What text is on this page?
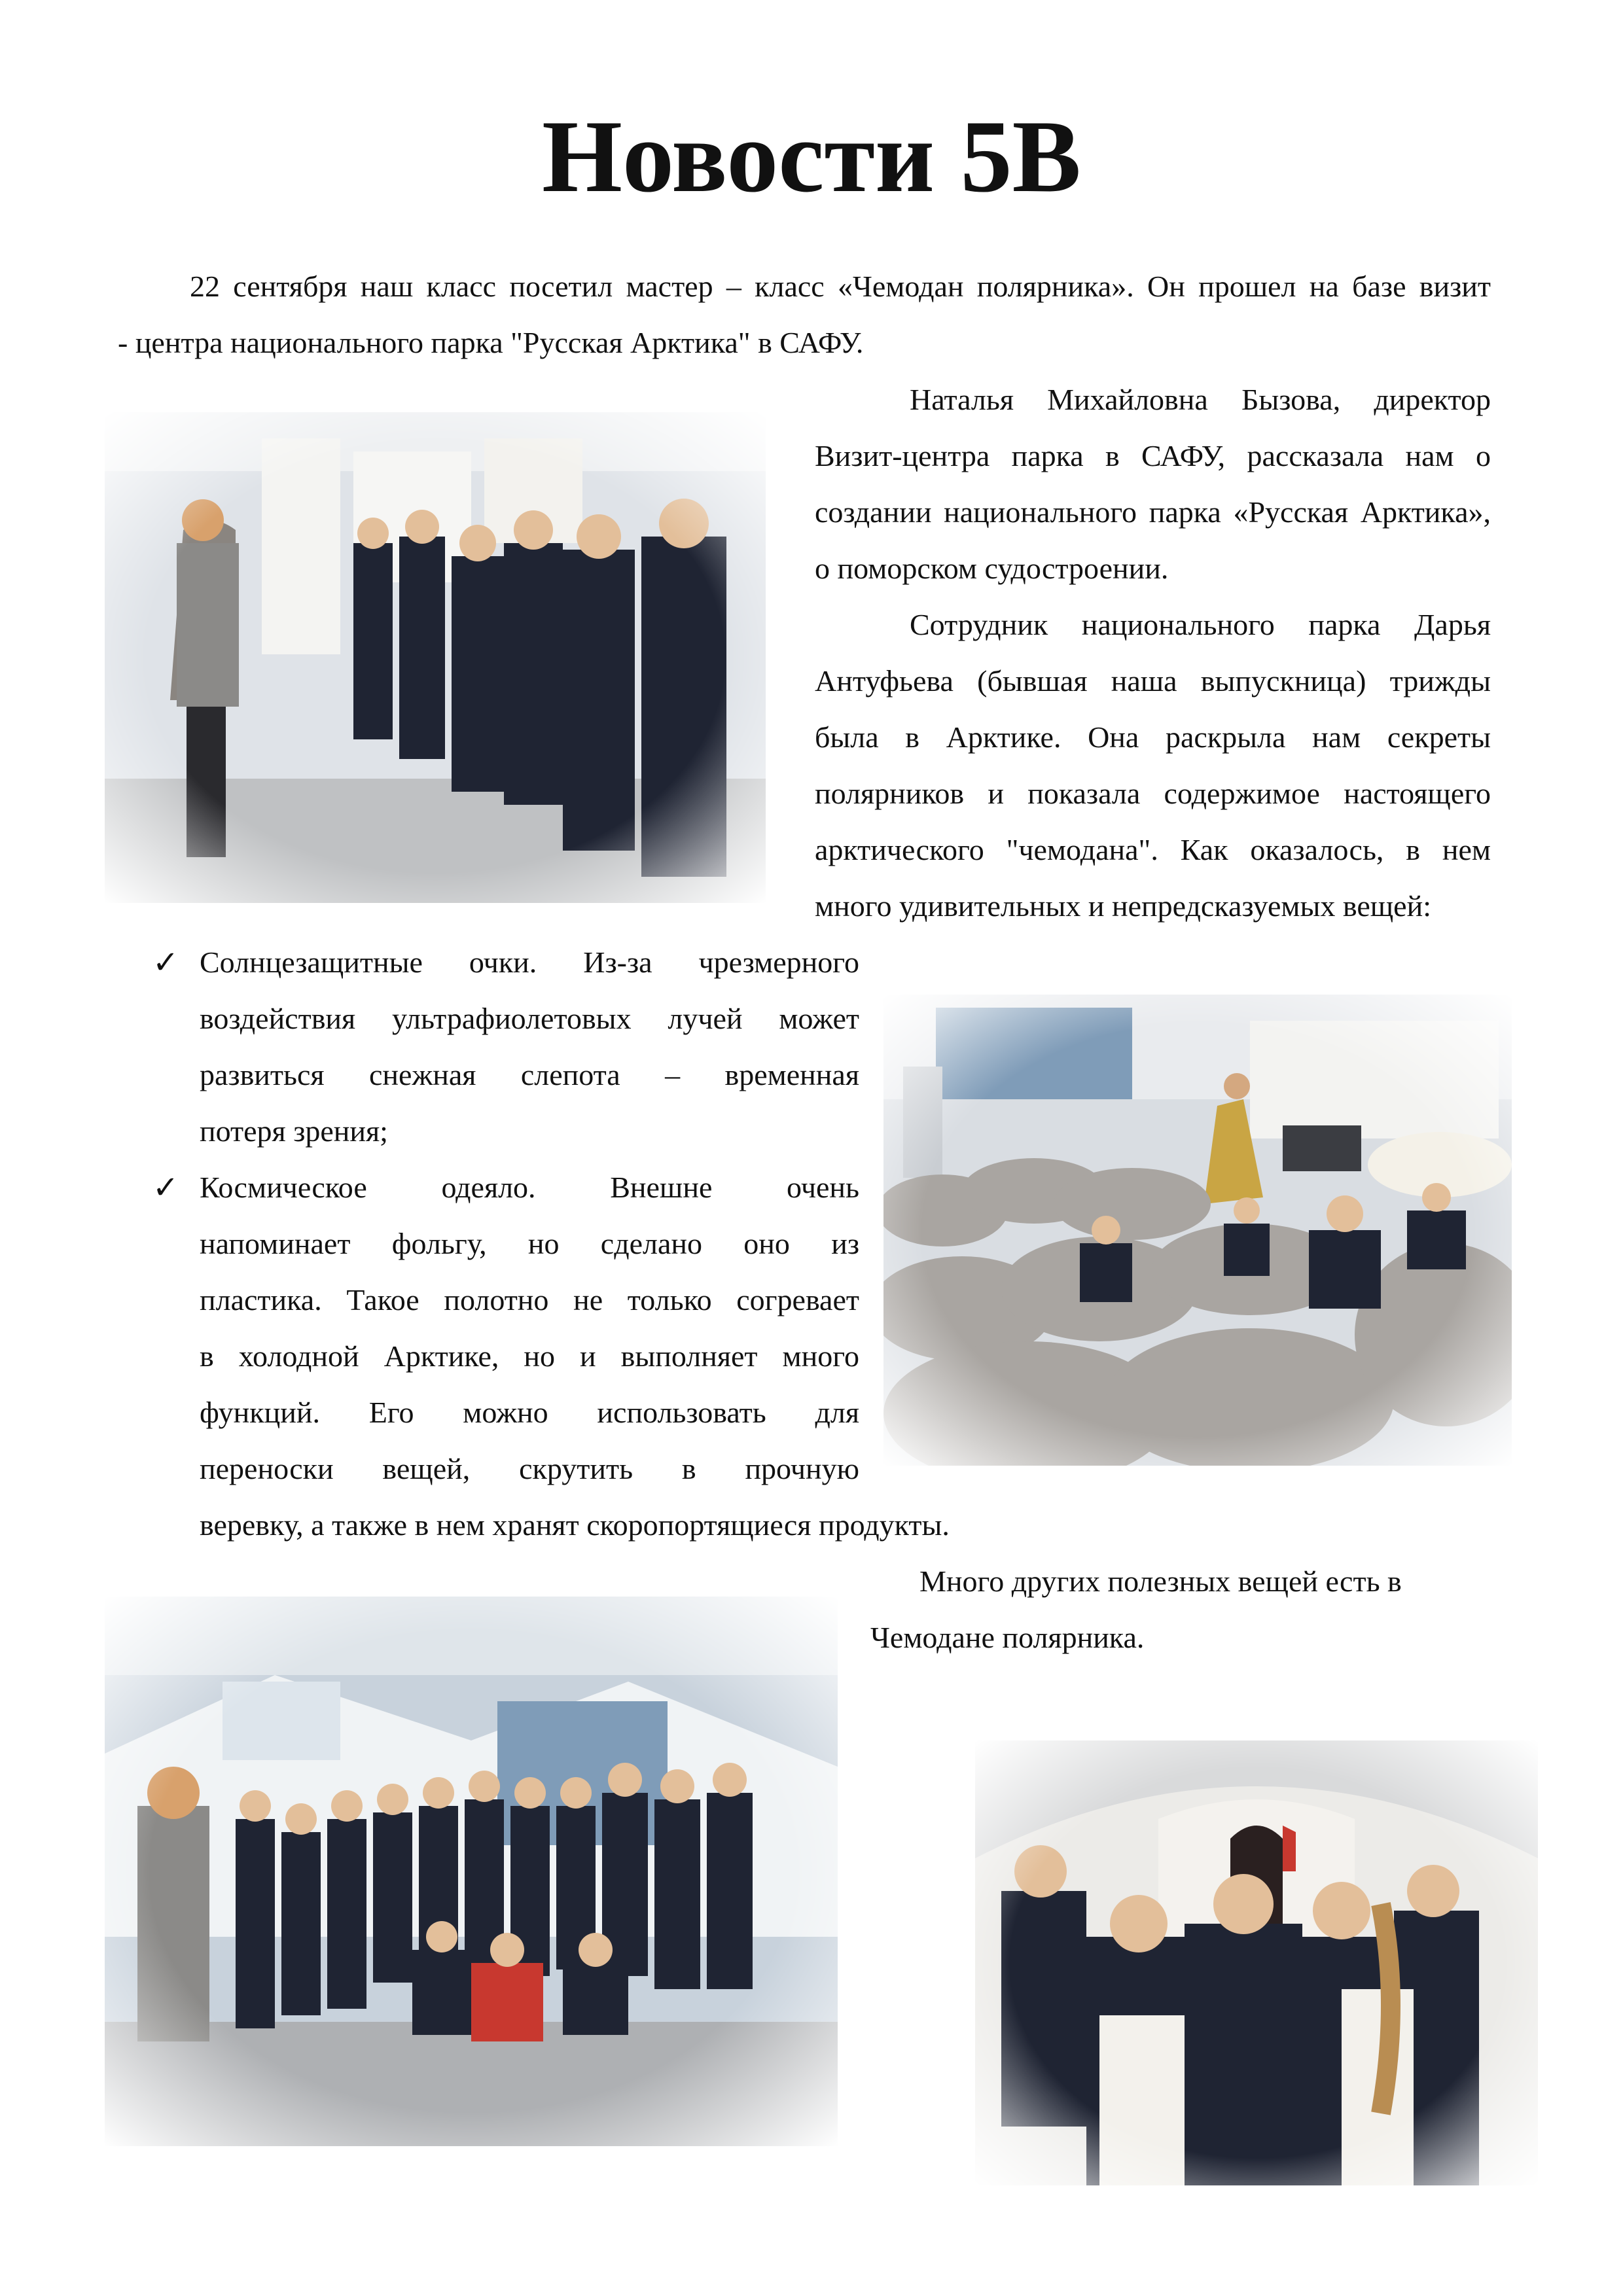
Новости 5В
22 сентября наш класс посетил мастер – класс «Чемодан полярника». Он прошел на базе визит
- центра национального парка "Русская Арктика" в САФУ.
Наталья Михайловна Бызова, директор
Визит-центра парка в САФУ, рассказала нам о
создании национального парка «Русская Арктика»,
о поморском судостроении.
Сотрудник национального парка Дарья
Антуфьева (бывшая наша выпускница) трижды
была в Арктике. Она раскрыла нам секреты
полярников и показала содержимое настоящего
арктического "чемодана". Как оказалось, в нем
много удивительных и непредсказуемых вещей:
✓ Солнцезащитные очки. Из-за чрезмерного
воздействия ультрафиолетовых лучей может
развиться снежная слепота – временная
потеря зрения;
✓ Космическое одеяло. Внешне очень
напоминает фольгу, но сделано оно из
пластика. Такое полотно не только согревает
в холодной Арктике, но и выполняет много
функций. Его можно использовать для
переноски вещей, скрутить в прочную
веревку, а также в нем хранят скоропортящиеся продукты.
Много других полезных вещей есть в
Чемодане полярника.
